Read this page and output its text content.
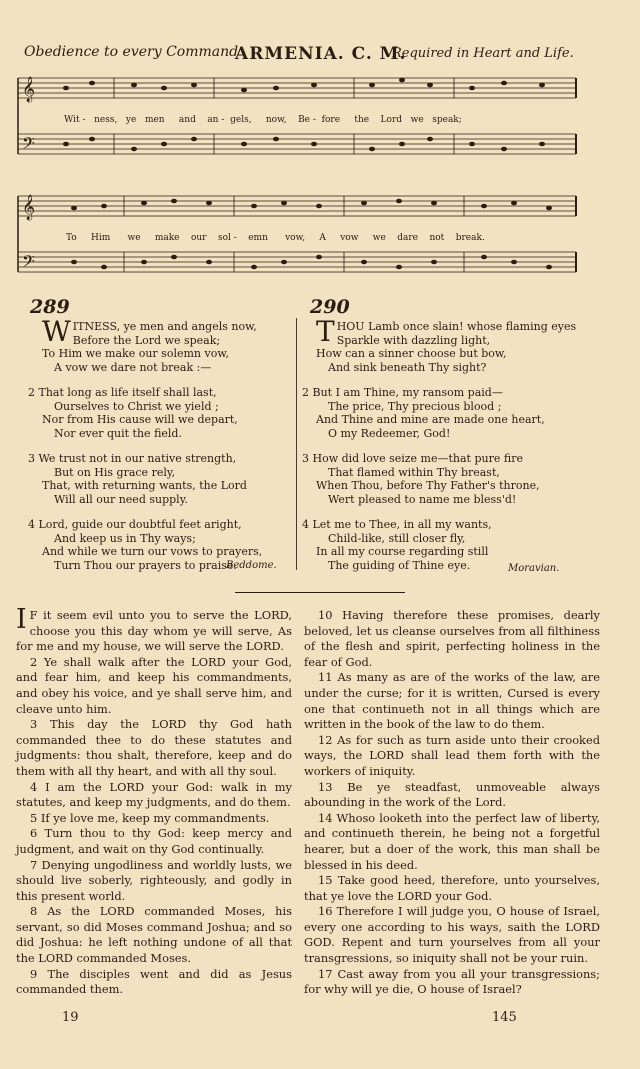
Obedience to every Command
ARMENIA. C. M.
Required in Heart and Life.
𝄞
𝄢
Wit - ness, ye men and an - gels, now, Be - fore the Lord we speak;
𝄞
𝄢
To Him we make our sol - emn vow, A vow we dare not break.
289

WITNESS, ye men and angels now,

Before the Lord we speak;

To Him we make our solemn vow,

A vow we dare not break :—

2 That long as life itself shall last,

Ourselves to Christ we yield ;

Nor from His cause will we depart,

Nor ever quit the field.

3 We trust not in our native strength,

But on His grace rely,

That, with returning wants, the Lord

Will all our need supply.

4 Lord, guide our doubtful feet aright,

And keep us in Thy ways;

And while we turn our vows to prayers,

Turn Thou our prayers to praise.

Beddome.
290

THOU Lamb once slain! whose flaming eyes

Sparkle with dazzling light,

How can a sinner choose but bow,

And sink beneath Thy sight?

2 But I am Thine, my ransom paid—

The price, Thy precious blood ;

And Thine and mine are made one heart,

O my Redeemer, God!

3 How did love seize me—that pure fire

That flamed within Thy breast,

When Thou, before Thy Father's throne,

Wert pleased to name me bless'd!

4 Let me to Thee, in all my wants,

Child-like, still closer fly,

In all my course regarding still

The guiding of Thine eye.	Moravian.

I F it seem evil unto you to serve the LORD, choose you this day whom ye will serve, As for me and my house, we will serve the LORD.

2 Ye shall walk after the LORD your God, and fear him, and keep his commandments, and obey his voice, and ye shall serve him, and cleave unto him.

3 This day the LORD thy God hath commanded thee to do these statutes and judgments: thou shalt, therefore, keep and do them with all thy heart, and with all thy soul.

4 I am the LORD your God: walk in my statutes, and keep my judgments, and do them.

5 If ye love me, keep my commandments.

6 Turn thou to thy God: keep mercy and judgment, and wait on thy God continually.

7 Denying ungodliness and worldly lusts, we should live soberly, righteously, and godly in this present world.

8 As the LORD commanded Moses, his servant, so did Moses command Joshua; and so did Joshua: he left nothing undone of all that the LORD commanded Moses.

9 The disciples went and did as Jesus commanded them.

10 Having therefore these promises, dearly beloved, let us cleanse ourselves from all filthiness of the flesh and spirit, perfecting holiness in the fear of God.

11 As many as are of the works of the law, are under the curse; for it is written, Cursed is every one that continueth not in all things which are written in the book of the law to do them.

12 As for such as turn aside unto their crooked ways, the LORD shall lead them forth with the workers of iniquity.

13 Be ye steadfast, unmoveable always abounding in the work of the Lord.

14 Whoso looketh into the perfect law of liberty, and continueth therein, he being not a forgetful hearer, but a doer of the work, this man shall be blessed in his deed.

15 Take good heed, therefore, unto yourselves, that ye love the LORD your God.

16 Therefore I will judge you, O house of Israel, every one according to his ways, saith the LORD GOD. Repent and turn yourselves from all your transgressions, so iniquity shall not be your ruin.

17 Cast away from you all your transgressions; for why will ye die, O house of Israel?

19	145
